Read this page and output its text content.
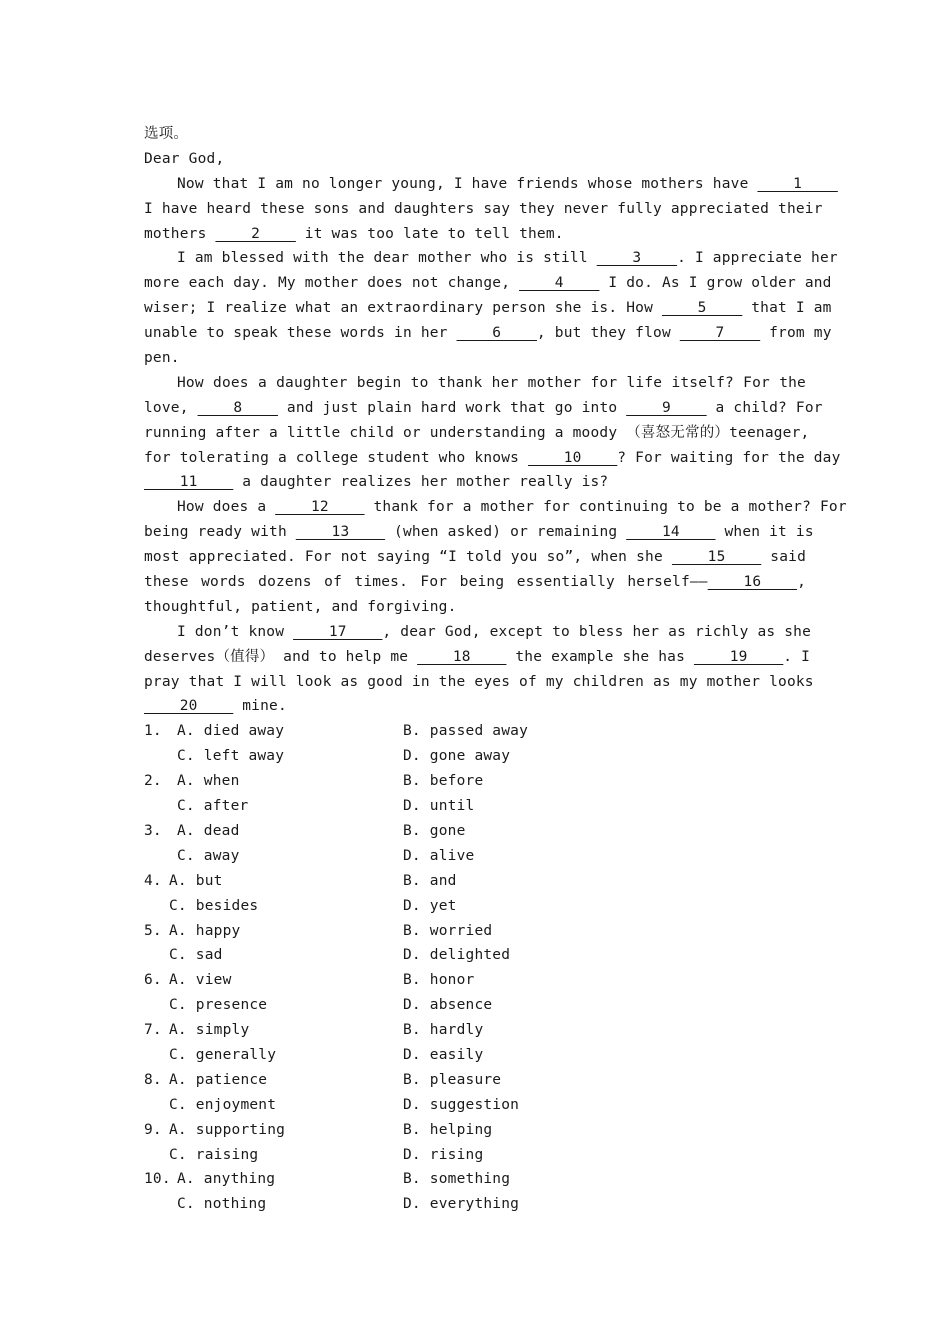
选项。
Dear God,
Now that I am no longer young, I have friends whose mothers have ____1____
I have heard these sons and daughters say they never fully appreciated their
mothers ____2____ it was too late to tell them.
I am blessed with the dear mother who is still ____3____. I appreciate her
more each day. My mother does not change, ____4____ I do. As I grow older and
wiser; I realize what an extraordinary person she is. How ____5____ that I am
unable to speak these words in her ____6____, but they flow ____7____ from my
pen.
How does a daughter begin to thank her mother for life itself? For the
love, ____8____ and just plain hard work that go into ____9____ a child? For
running after a little child or understanding a moody （喜怒无常的）teenager,
for tolerating a college student who knows ____10____? For waiting for the day
____11____ a daughter realizes her mother really is?
How does a ____12____ thank for a mother for continuing to be a mother? For
being ready with ____13____ (when asked) or remaining ____14____ when it is
most appreciated. For not saying “I told you so”, when she ____15____ said
these words dozens of times. For being essentially herself——____16____,
thoughtful, patient, and forgiving.
I don’t know ____17____, dear God, except to bless her as richly as she
deserves（值得） and to help me ____18____ the example she has ____19____. I
pray that I will look as good in the eyes of my children as my mother looks
____20____ mine.
1. A. died away	B. passed away
C. left away	D. gone away
2. A. when	B. before
C. after	D. until
3. A. dead	B. gone
C. away	D. alive
4. A. but	B. and
C. besides	D. yet
5. A. happy	B. worried
C. sad	D. delighted
6. A. view	B. honor
C. presence	D. absence
7. A. simply	B. hardly
C. generally	D. easily
8. A. patience	B. pleasure
C. enjoyment	D. suggestion
9. A. supporting	B. helping
C. raising	D. rising
10. A. anything	B. something
C. nothing	D. everything
